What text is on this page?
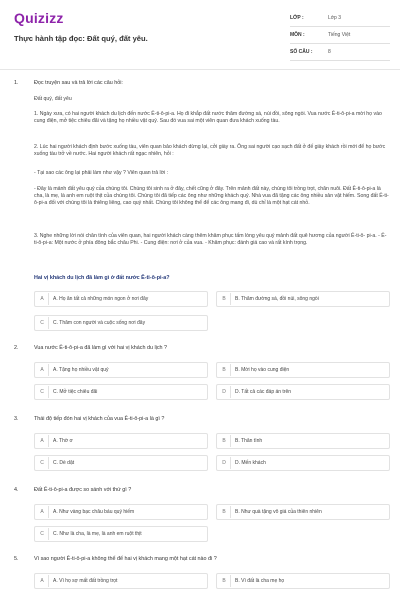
Quizizz
Thực hành tập đọc: Đất quý, đất yêu.
LỚP :	Lớp 3
MÔN :	Tiếng Việt
SỐ CÂU :	8
1.	Đọc truyện sau và trả lời các câu hỏi:
Đất quý, đất yêu
1. Ngày xưa, có hai người khách du lịch đến nước Ê-ti-ô-pi-a. Họ đi khắp đất nước thăm đường sá, núi đồi, sông ngòi. Vua nước Ê-ti-ô-pi-a mời họ vào cung điện, mở tiệc chiêu đãi và tặng họ nhiều vật quý. Sau đó vua sai một viên quan đưa khách xuống tàu.
2. Lúc hai người khách định bước xuống tàu, viên quan bảo khách dừng lại, cởi giày ra. Ông sai người cạo sạch đất ở đế giày khách rồi mới để họ bước xuống tàu trở về nước. Hai người khách rất ngạc nhiên, hỏi :
- Tại sao các ông lại phải làm như vậy ? Viên quan trả lời :
- Đây là mảnh đất yêu quý của chúng tôi. Chúng tôi sinh ra ở đây, chết cũng ở đây. Trên mảnh đất này, chúng tôi trồng trọt, chăn nuôi. Đất Ê-ti-ô-pi-a là cha, là mẹ, là anh em ruột thịt của chúng tôi. Chúng tôi đã tiếp các ông như những khách quý. Nhà vua đã tặng các ông nhiều sản vật hiếm. Song đất Ê-ti-ô-pi-a đối với chúng tôi là thiêng liêng, cao quý nhất. Chúng tôi không thể để các ông mang đi, dù chỉ là một hạt cát nhỏ.
3. Nghe những lời nói chân tình của viên quan, hai người khách càng thêm khâm phục tấm lòng yêu quý mảnh đất quê hương của người Ê-ti-ô- pi-a. - Ê-ti-ô-pi-a: Một nước ở phía đông bắc châu Phi. - Cung điện: nơi ở của vua. - Khâm phục: đánh giá cao và rất kính trọng.
Hai vị khách du lịch đã làm gì ở đất nước Ê-ti-ô-pi-a?
A	A. Họ ăn tất cả những món ngon ở nơi đây	B	B. Thăm đường sá, đồi núi, sông ngòi
C	C. Thăm con người và cuộc sống nơi đây
2.	Vua nước Ê-ti-ô-pi-a đã làm gì với hai vị khách du lịch ?
A	A. Tặng họ nhiều vật quý	B	B. Mời họ vào cung điện
C	C. Mở tiệc chiêu đãi	D	D. Tất cả các đáp án trên
3.	Thái độ tiếp đón hai vị khách của vua Ê-ti-ô-pi-a là gì ?
A	A. Thờ ơ	B	B. Thân tình
C	C. Dè dặt	D	D. Mến khách
4.	Đất Ê-ti-ô-pi-a được so sánh với thứ gì ?
A	A. Như vàng bạc châu báu quý hiếm	B	B. Như quà tặng vô giá của thiên nhiên
C	C. Như là cha, là mẹ, là anh em ruột thịt
5.	Vì sao người Ê-ti-ô-pi-a không thể để hai vị khách mang một hạt cát nào đi ?
A	A. Vì họ sợ mất đất trồng trọt	B	B. Vì đất là cha mẹ họ
